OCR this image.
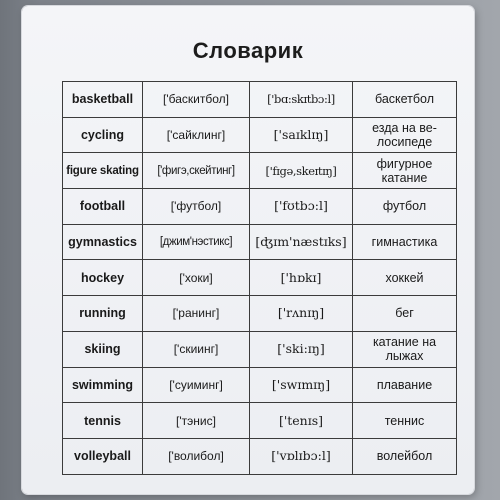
Словарик
basketball	['баскитбол]	['bɑ:skɪtbɔ:l]	баскетбол
cycling	['сайклинг]	['saɪklɪŋ]	езда на ве-лосипеде
figure skating	['фигэ,скейтинг]	['fɪgə,skeɪtɪŋ]	фигурное катание
football	['футбол]	['fʊtbɔ:l]	футбол
gymnastics	[джим'нэстикс]	[ʤɪm'næstɪks]	гимнастика
hockey	['хоки]	['hɒkɪ]	хоккей
running	['ранинг]	['rʌnɪŋ]	бег
skiing	['скиинг]	['ski:ɪŋ]	катание на лыжах
swimming	['суиминг]	['swɪmɪŋ]	плавание
tennis	['тэнис]	['tenɪs]	теннис
volleyball	['волибол]	['vɒlɪbɔ:l]	волейбол
